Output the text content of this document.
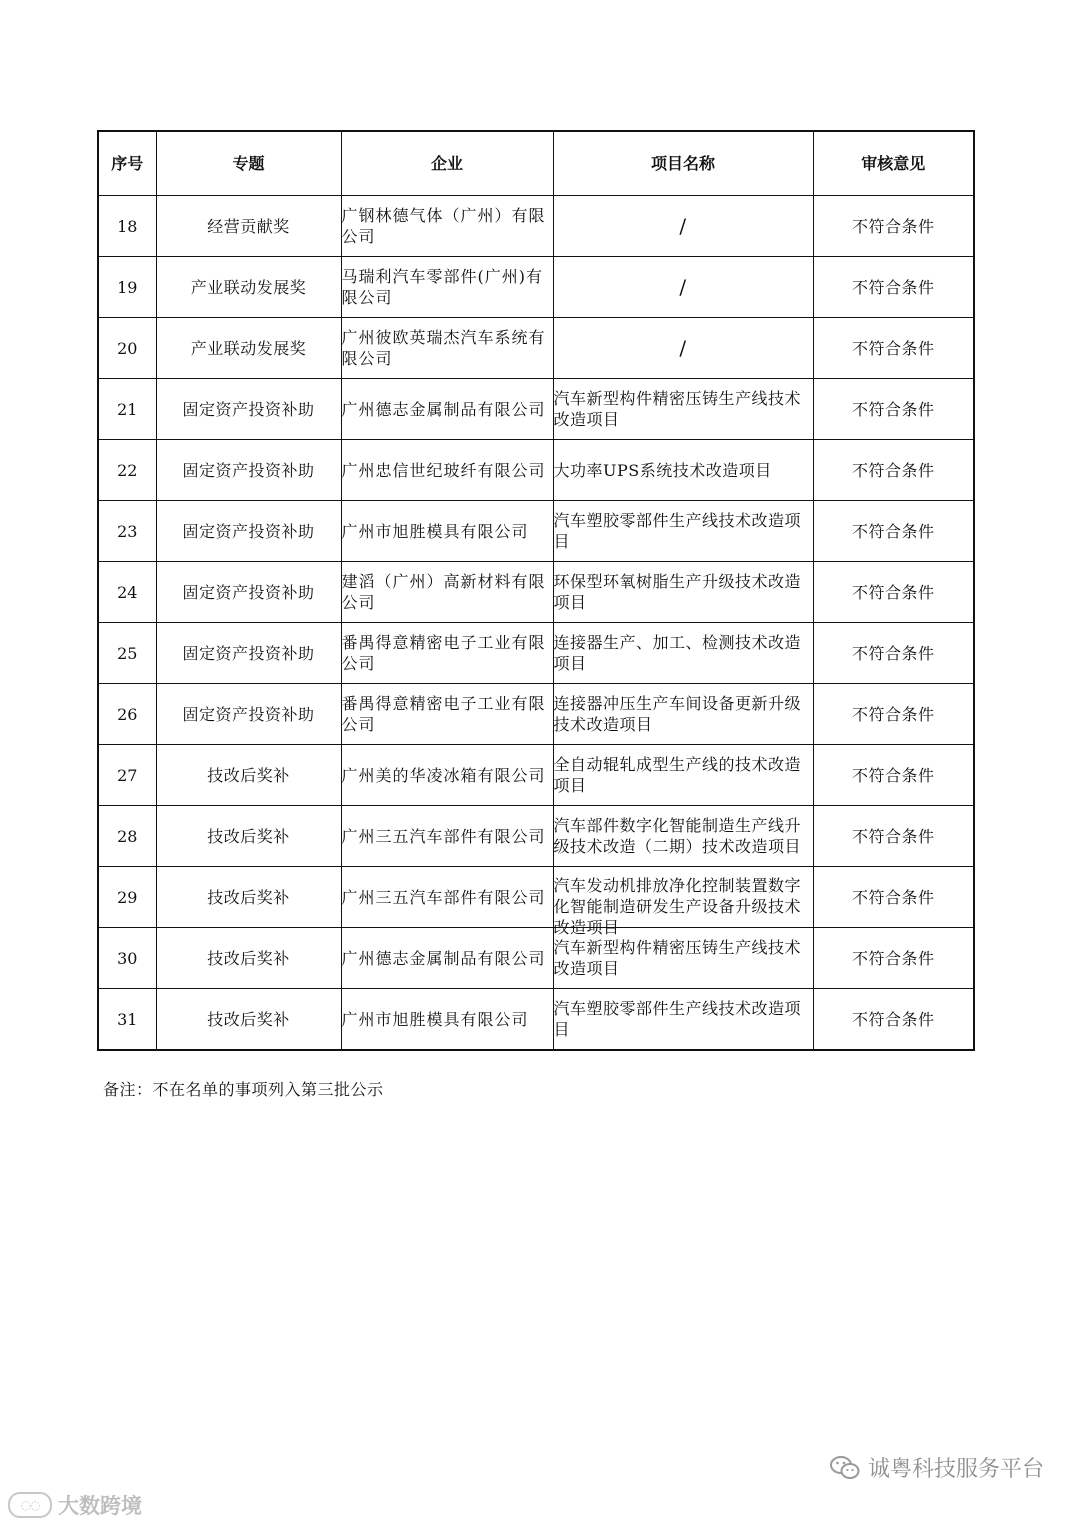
序号	专题	企业	项目名称	审核意见

18	经营贡献奖	广钢林德气体（广州）有限公司	/	不符合条件

19	产业联动发展奖	马瑞利汽车零部件(广州)有限公司	/	不符合条件

20	产业联动发展奖	广州彼欧英瑞杰汽车系统有限公司	/	不符合条件

21	固定资产投资补助	广州德志金属制品有限公司	汽车新型构件精密压铸生产线技术改造项目	不符合条件

22	固定资产投资补助	广州忠信世纪玻纤有限公司	大功率UPS系统技术改造项目	不符合条件

23	固定资产投资补助	广州市旭胜模具有限公司	汽车塑胶零部件生产线技术改造项目	不符合条件

24	固定资产投资补助	建滔（广州）高新材料有限公司	环保型环氧树脂生产升级技术改造项目	不符合条件

25	固定资产投资补助	番禺得意精密电子工业有限公司	连接器生产、加工、检测技术改造项目	不符合条件

26	固定资产投资补助	番禺得意精密电子工业有限公司	连接器冲压生产车间设备更新升级技术改造项目	不符合条件

27	技改后奖补	广州美的华凌冰箱有限公司	全自动辊轧成型生产线的技术改造项目	不符合条件

28	技改后奖补	广州三五汽车部件有限公司	汽车部件数字化智能制造生产线升级技术改造（二期）技术改造项目	不符合条件

29	技改后奖补	广州三五汽车部件有限公司	汽车发动机排放净化控制装置数字化智能制造研发生产设备升级技术改造项目	不符合条件

30	技改后奖补	广州德志金属制品有限公司	汽车新型构件精密压铸生产线技术改造项目	不符合条件

31	技改后奖补	广州市旭胜模具有限公司	汽车塑胶零部件生产线技术改造项目	不符合条件
备注：不在名单的事项列入第三批公示
◌◌ 大数跨境
诚粤科技服务平台
